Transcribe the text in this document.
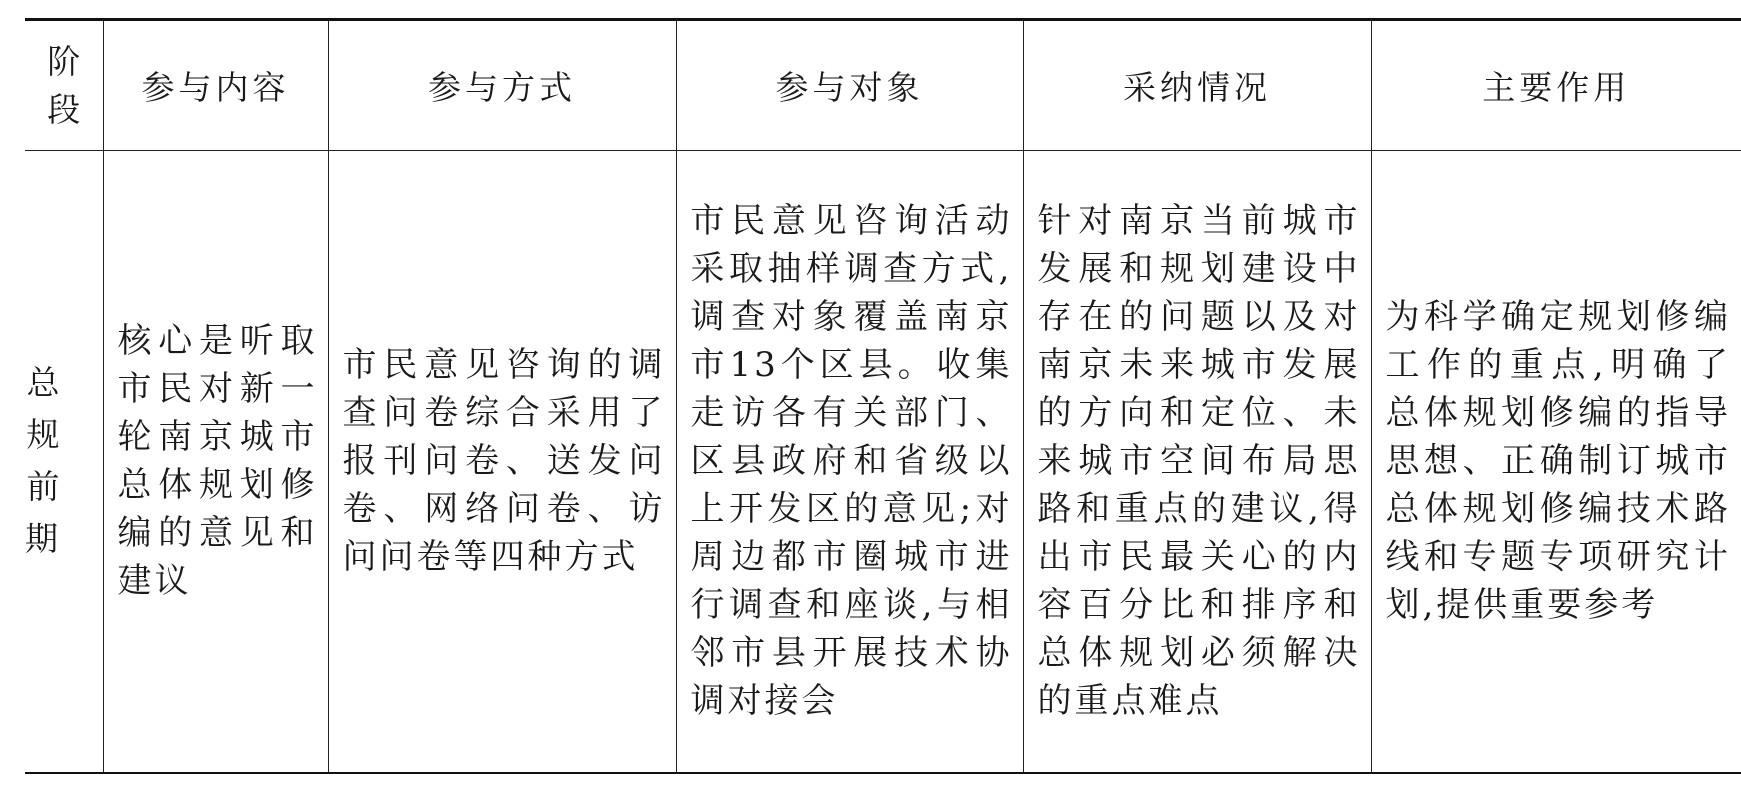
阶段	参与内容	参与方式	参与对象	采纳情况	主要作用
总规前期	核心是听取市民对新一轮南京城市总体规划修编的意见和建议	市民意见咨询的调查问卷综合采用了报刊问卷、送发问卷、网络问卷、访问问卷等四种方式	市民意见咨询活动采取抽样调查方式,调查对象覆盖南京市13个区县。收集走访各有关部门、区县政府和省级以上开发区的意见;对周边都市圈城市进行调查和座谈,与相邻市县开展技术协调对接会	针对南京当前城市发展和规划建设中存在的问题以及对南京未来城市发展的方向和定位、未来城市空间布局思路和重点的建议,得出市民最关心的内容百分比和排序和总体规划必须解决的重点难点	为科学确定规划修编工作的重点,明确了总体规划修编的指导思想、正确制订城市总体规划修编技术路线和专题专项研究计划,提供重要参考
